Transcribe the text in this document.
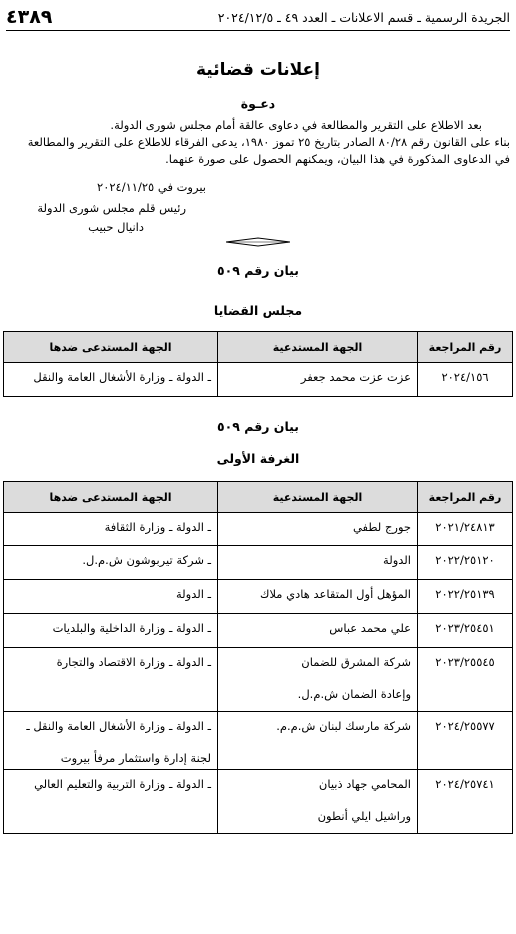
الجريدة الرسمية ـ قسم الاعلانات ـ العدد ٤٩ ـ ٢٠٢٤/١٢/٥
٤٣٨٩
إعلانات قضائية
دعـوة
بعد الاطلاع على التقرير والمطالعة في دعاوى عالقة أمام مجلس شورى الدولة.
بناء على القانون رقم ٨٠/٢٨ الصادر بتاريخ ٢٥ تموز ١٩٨٠، يدعى الفرقاء للاطلاع على التقرير والمطالعة
في الدعاوى المذكورة في هذا البيان، ويمكنهم الحصول على صورة عنهما.
بيروت في ٢٠٢٤/١١/٢٥
رئيس قلم مجلس شورى الدولة
دانيال حبيب
بيان رقم ٥٠٩
مجلس القضايا
رقم المراجعة	الجهة المستدعية	الجهة المستدعى ضدها

٢٠٢٤/١٥٦	عزت عزت محمد جعفر	ـ الدولة ـ وزارة الأشغال العامة والنقل
بيان رقم ٥٠٩
الغرفة الأولى
رقم المراجعة	الجهة المستدعية	الجهة المستدعى ضدها

٢٠٢١/٢٤٨١٣	جورج لطفي	ـ الدولة ـ وزارة الثقافة

٢٠٢٢/٢٥١٢٠	الدولة	ـ شركة تيربوشون ش.م.ل.

٢٠٢٢/٢٥١٣٩	المؤهل أول المتقاعد هادي ملاك	ـ الدولة

٢٠٢٣/٢٥٤٥١	علي محمد عباس	ـ الدولة ـ وزارة الداخلية والبلديات

٢٠٢٣/٢٥٥٤٥	شركة المشرق للضمان
وإعادة الضمان ش.م.ل.	ـ الدولة ـ وزارة الاقتصاد والتجارة

٢٠٢٤/٢٥٥٧٧	شركة مارسك لبنان ش.م.م.	ـ الدولة ـ وزارة الأشغال العامة والنقل ـ
لجنة إدارة واستثمار مرفأ بيروت

٢٠٢٤/٢٥٧٤١	المحامي جهاد ذبيان
وراشيل ايلي أنطون	ـ الدولة ـ وزارة التربية والتعليم العالي
